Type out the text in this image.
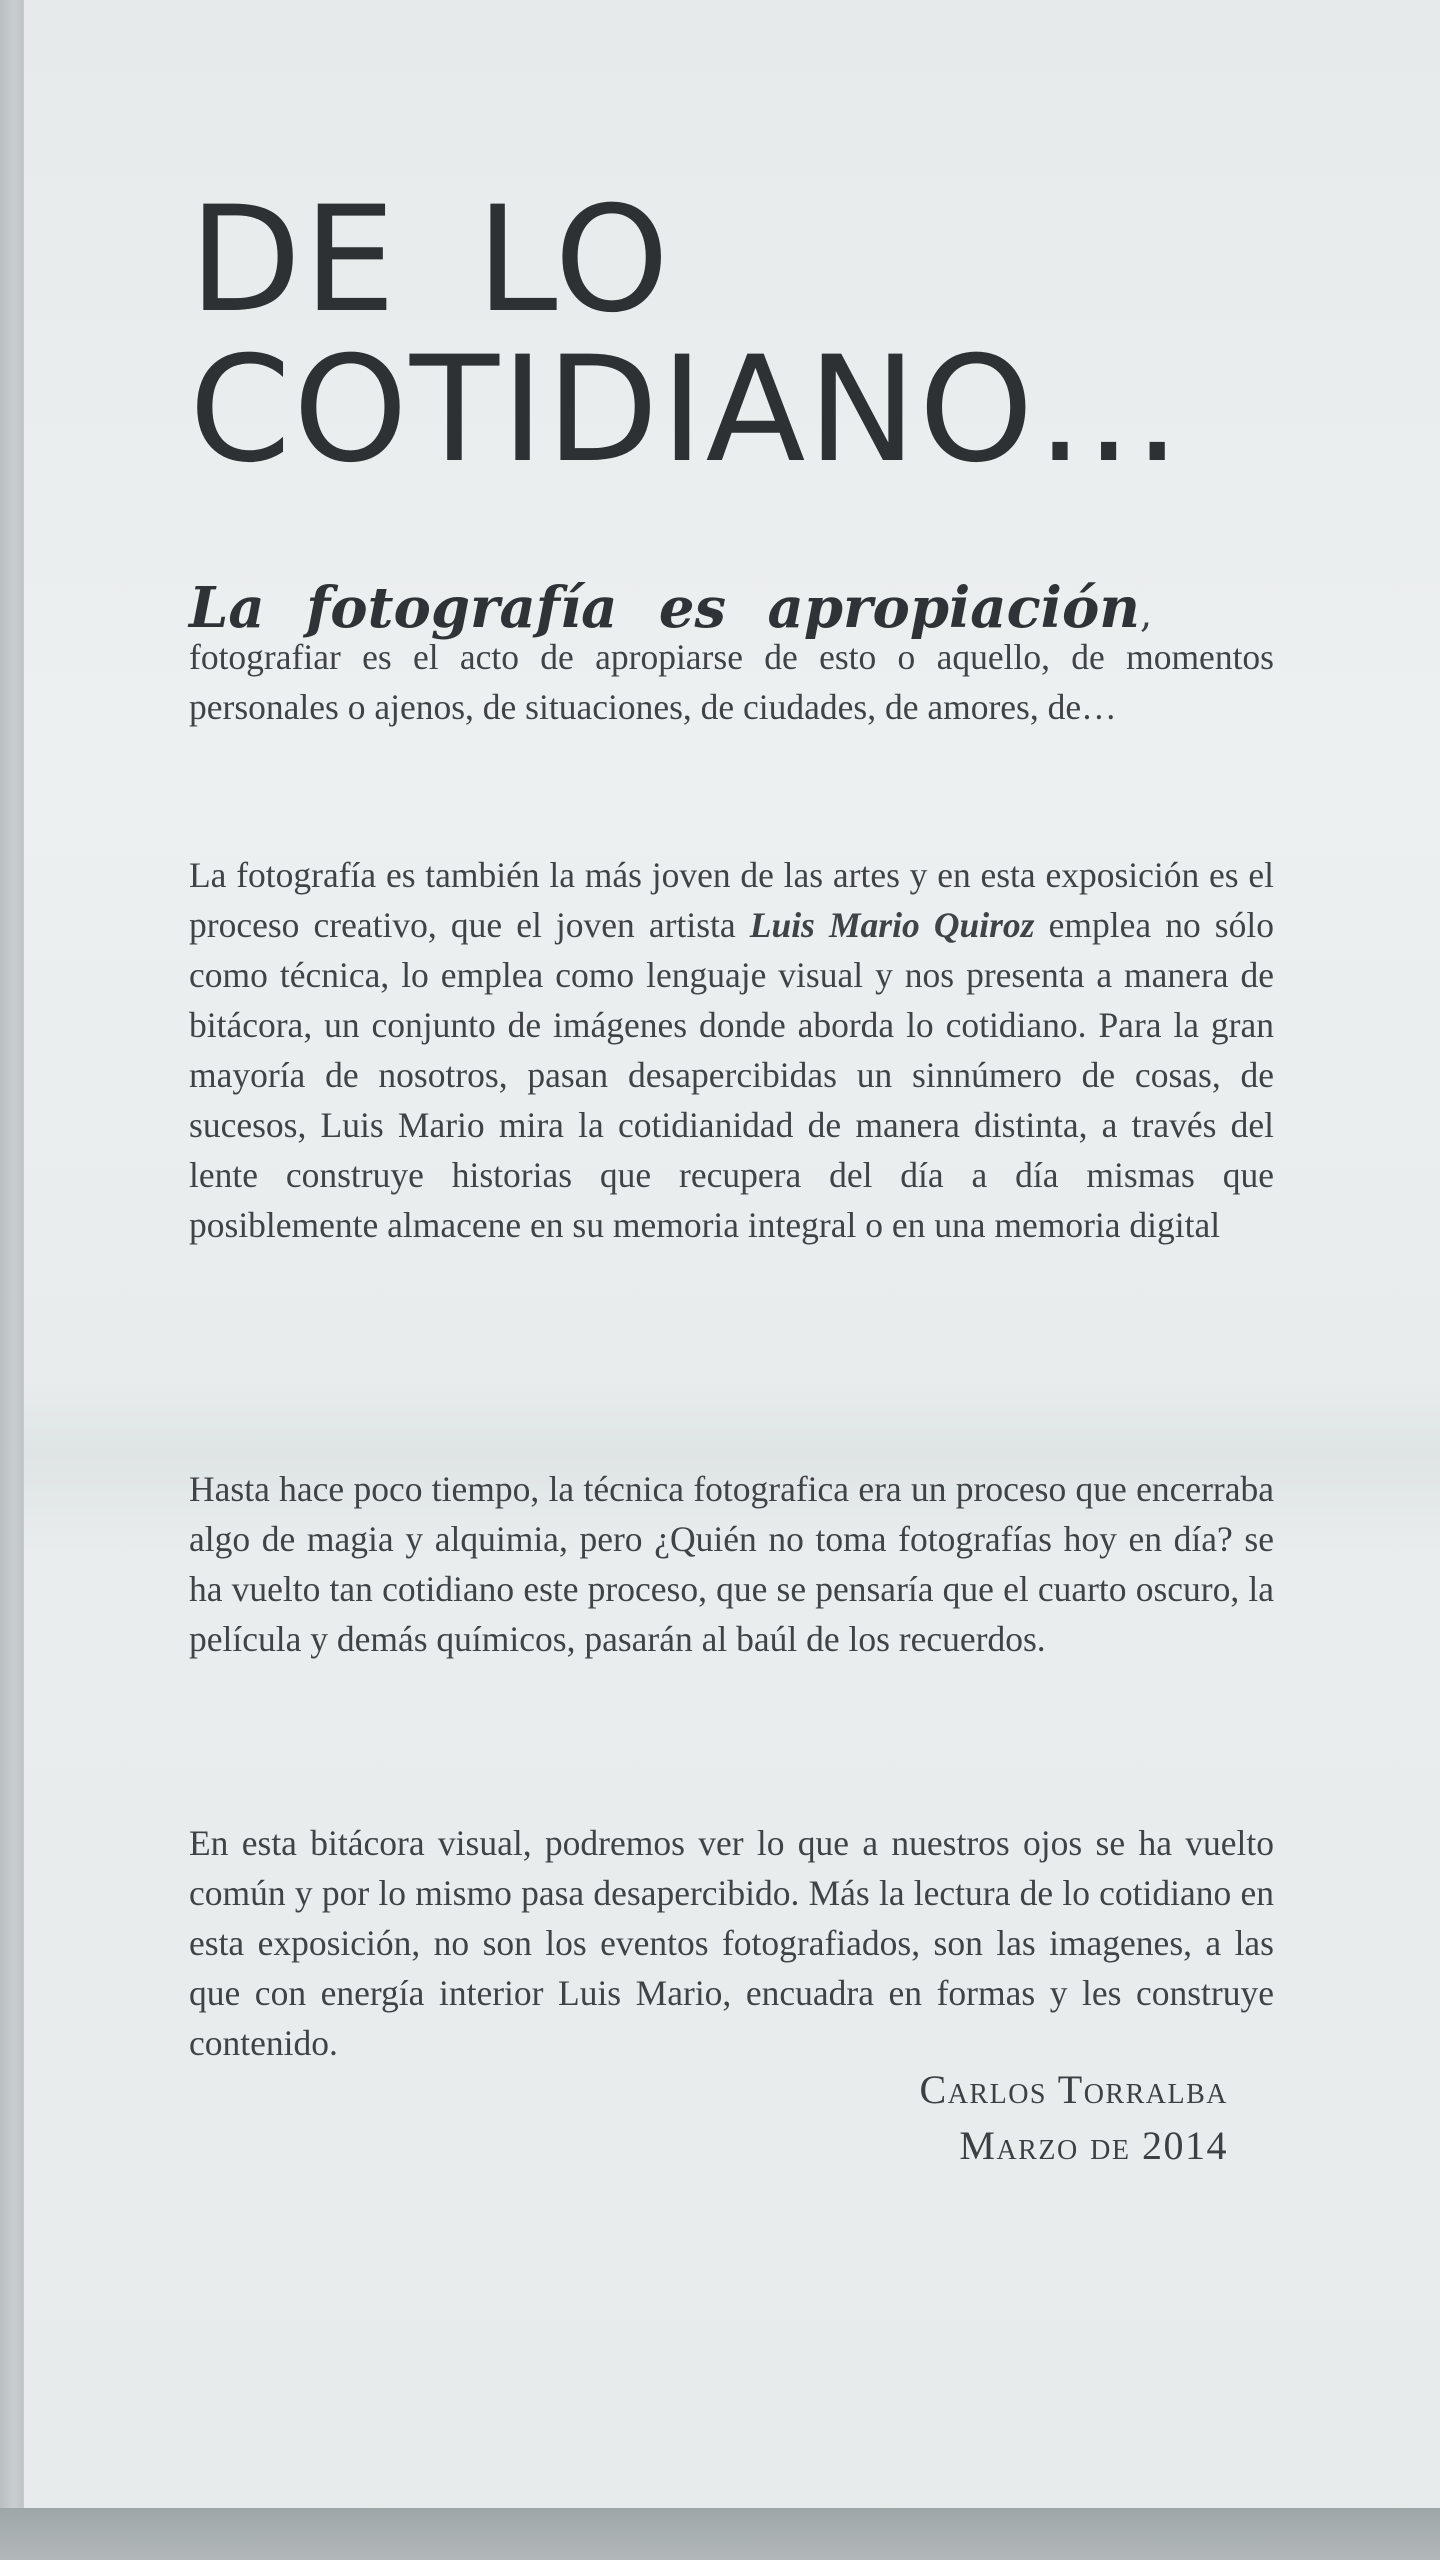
DE LO
COTIDIANO…
La fotografía es apropiación,

fotografiar es el acto de apropiarse de esto o aquello, de momentos personales o ajenos, de situaciones, de ciudades, de amores, de…

La fotografía es también la más joven de las artes y en esta exposición es el proceso creativo, que el joven artista Luis Mario Quiroz emplea no sólo como técnica, lo emplea como lenguaje visual y nos presenta a manera de bitácora, un conjunto de imágenes donde aborda lo cotidiano. Para la gran mayoría de nosotros, pasan desapercibidas un sinnúmero de cosas, de sucesos, Luis Mario mira la cotidianidad de manera distinta, a través del lente construye historias que recupera del día a día mismas que posiblemente almacene en su memoria integral o en una memoria digital

Hasta hace poco tiempo, la técnica fotografica era un proceso que encerraba algo de magia y alquimia, pero ¿Quién no toma fotografías hoy en día? se ha vuelto tan cotidiano este proceso, que se pensaría que el cuarto oscuro, la película y demás químicos, pasarán al baúl de los recuerdos.

En esta bitácora visual, podremos ver lo que a nuestros ojos se ha vuelto común y por lo mismo pasa desapercibido. Más la lectura de lo cotidiano en esta exposición, no son los eventos fotografiados, son las imagenes, a las que con energía interior Luis Mario, encuadra en formas y les construye contenido.

Carlos Torralba
Marzo de 2014
